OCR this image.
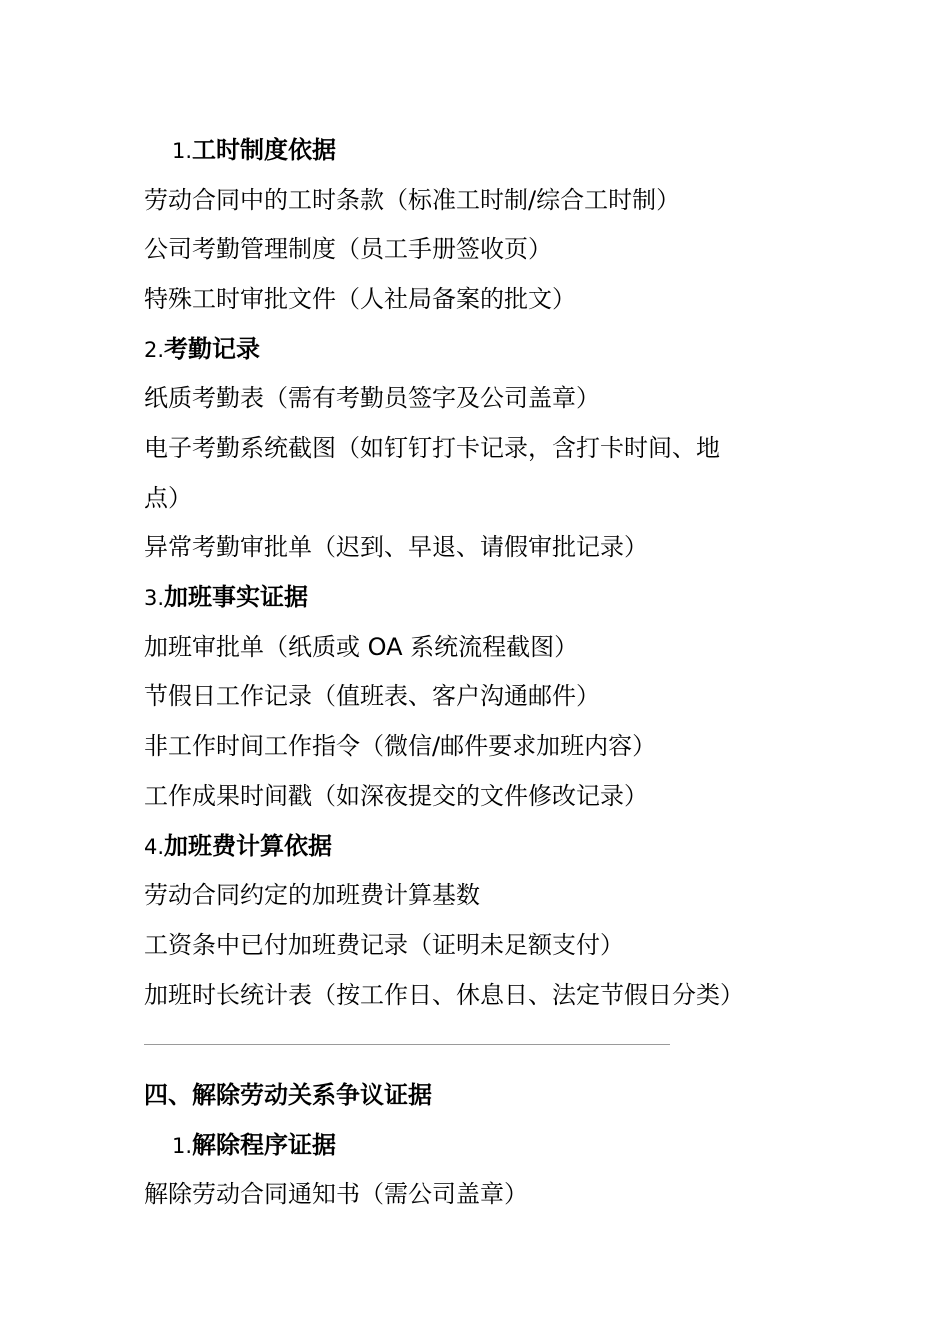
1.工时制度依据
劳动合同中的工时条款（标准工时制/综合工时制）
公司考勤管理制度（员工手册签收页）
特殊工时审批文件（人社局备案的批文）
2.考勤记录
纸质考勤表（需有考勤员签字及公司盖章）
电子考勤系统截图（如钉钉打卡记录，含打卡时间、地
点）
异常考勤审批单（迟到、早退、请假审批记录）
3.加班事实证据
加班审批单（纸质或 OA 系统流程截图）
节假日工作记录（值班表、客户沟通邮件）
非工作时间工作指令（微信/邮件要求加班内容）
工作成果时间戳（如深夜提交的文件修改记录）
4.加班费计算依据
劳动合同约定的加班费计算基数
工资条中已付加班费记录（证明未足额支付）
加班时长统计表（按工作日、休息日、法定节假日分类）
四、解除劳动关系争议证据
1.解除程序证据
解除劳动合同通知书（需公司盖章）
